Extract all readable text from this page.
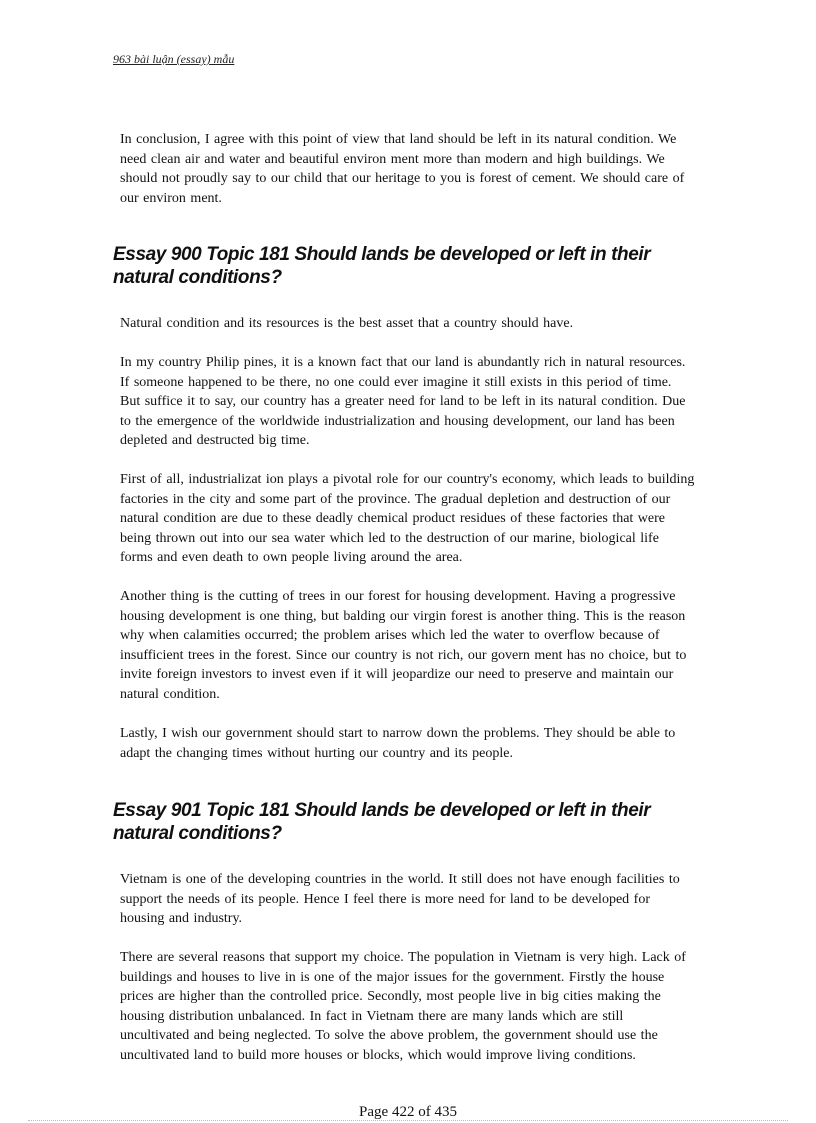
963 bài luận (essay) mẫu

In conclusion, I agree with this point of view that land should be left in its natural condition. We need clean air and water and beautiful environ ment more than modern and high buildings. We should not proudly say to our child that our heritage to you is forest of cement. We should care of our environ ment.

Essay 900 Topic 181 Should lands be developed or left in their natural conditions?

Natural condition and its resources is the best asset that a country should have.

In my country Philip pines, it is a known fact that our land is abundantly rich in natural resources. If someone happened to be there, no one could ever imagine it still exists in this period of time. But suffice it to say, our country has a greater need for land to be left in its natural condition. Due to the emergence of the worldwide industrialization and housing development, our land has been depleted and destructed big time.

First of all, industrializat ion plays a pivotal role for our country's economy, which leads to building factories in the city and some part of the province. The gradual depletion and destruction of our natural condition are due to these deadly chemical product residues of these factories that were being thrown out into our sea water which led to the destruction of our marine, biological life forms and even death to own people living around the area.

Another thing is the cutting of trees in our forest for housing development. Having a progressive housing development is one thing, but balding our virgin forest is another thing. This is the reason why when calamities occurred; the problem arises which led the water to overflow because of insufficient trees in the forest. Since our country is not rich, our govern ment has no choice, but to invite foreign investors to invest even if it will jeopardize our need to preserve and maintain our natural condition.

Lastly, I wish our government should start to narrow down the problems. They should be able to adapt the changing times without hurting our country and its people.

Essay 901 Topic 181 Should lands be developed or left in their natural conditions?

Vietnam is one of the developing countries in the world. It still does not have enough facilities to support the needs of its people. Hence I feel there is more need for land to be developed for housing and industry.

There are several reasons that support my choice. The population in Vietnam is very high. Lack of buildings and houses to live in is one of the major issues for the government. Firstly the house prices are higher than the controlled price. Secondly, most people live in big cities making the housing distribution unbalanced. In fact in Vietnam there are many lands which are still uncultivated and being neglected. To solve the above problem, the government should use the uncultivated land to build more houses or blocks, which would improve living conditions.

Page 422 of 435
